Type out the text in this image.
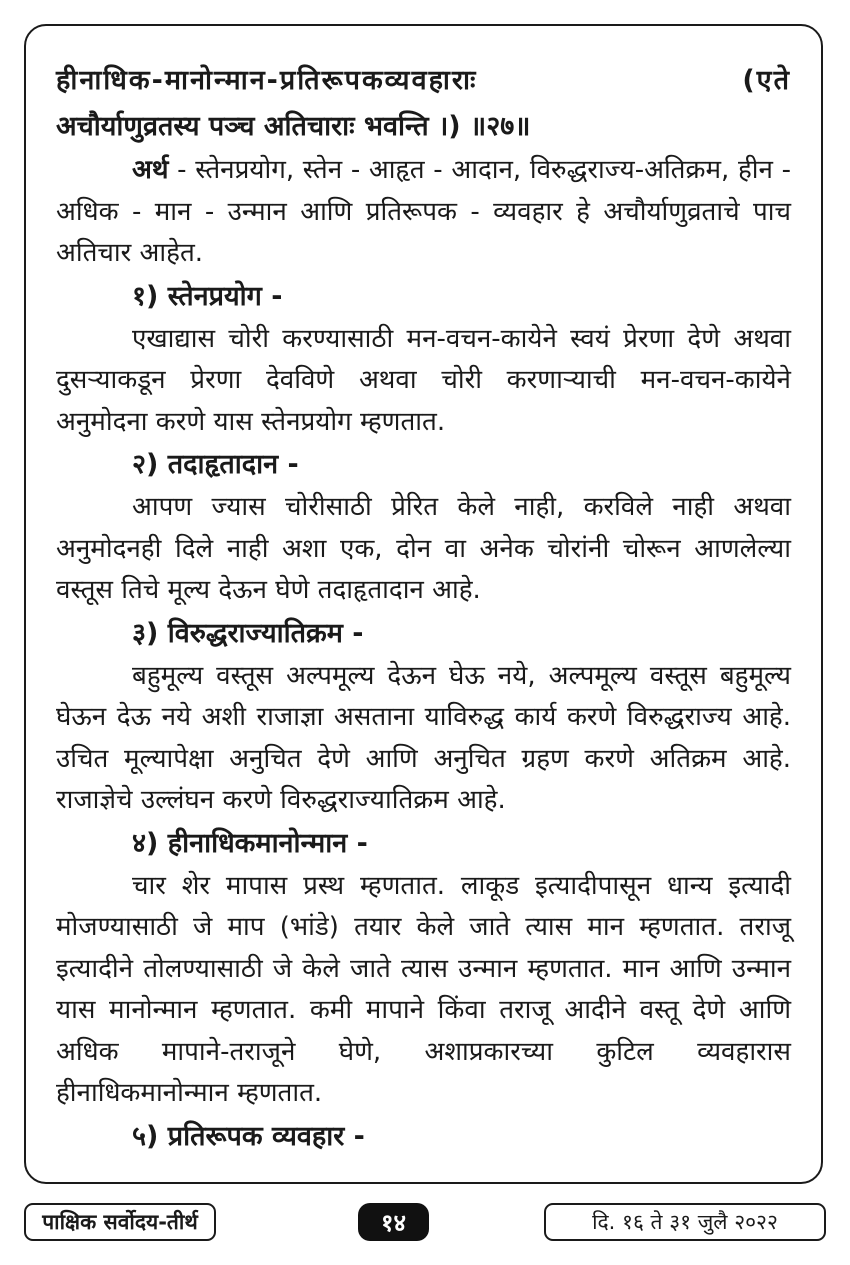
हीनाधिक-मानोन्मान-प्रतिरूपकव्यवहाराः	(एते
अचौर्याणुव्रतस्य पञ्च अतिचाराः भवन्ति ।) ॥२७॥

अर्थ - स्तेनप्रयोग, स्तेन - आहृत - आदान, विरुद्धराज्य-अतिक्रम, हीन - अधिक - मान - उन्मान आणि प्रतिरूपक - व्यवहार हे अचौर्याणुव्रताचे पाच अतिचार आहेत.

१) स्तेनप्रयोग -

एखाद्यास चोरी करण्यासाठी मन-वचन-कायेने स्वयं प्रेरणा देणे अथवा दुसऱ्याकडून प्रेरणा देवविणे अथवा चोरी करणाऱ्याची मन-वचन-कायेने अनुमोदना करणे यास स्तेनप्रयोग म्हणतात.

२) तदाहृतादान -

आपण ज्यास चोरीसाठी प्रेरित केले नाही, करविले नाही अथवा अनुमोदनही दिले नाही अशा एक, दोन वा अनेक चोरांनी चोरून आणलेल्या वस्तूस तिचे मूल्य देऊन घेणे तदाहृतादान आहे.

३) विरुद्धराज्यातिक्रम -

बहुमूल्य वस्तूस अल्पमूल्य देऊन घेऊ नये, अल्पमूल्य वस्तूस बहुमूल्य घेऊन देऊ नये अशी राजाज्ञा असताना याविरुद्ध कार्य करणे विरुद्धराज्य आहे. उचित मूल्यापेक्षा अनुचित देणे आणि अनुचित ग्रहण करणे अतिक्रम आहे. राजाज्ञेचे उल्लंघन करणे विरुद्धराज्यातिक्रम आहे.

४) हीनाधिकमानोन्मान -

चार शेर मापास प्रस्थ म्हणतात. लाकूड इत्यादीपासून धान्य इत्यादी मोजण्यासाठी जे माप (भांडे) तयार केले जाते त्यास मान म्हणतात. तराजू इत्यादीने तोलण्यासाठी जे केले जाते त्यास उन्मान म्हणतात. मान आणि उन्मान यास मानोन्मान म्हणतात. कमी मापाने किंवा तराजू आदीने वस्तू देणे आणि अधिक मापाने-तराजूने घेणे, अशाप्रकारच्या कुटिल व्यवहारास हीनाधिकमानोन्मान म्हणतात.

५) प्रतिरूपक व्यवहार -

पाक्षिक सर्वोदय-तीर्थ	१४	दि. १६ ते ३१ जुलै २०२२
